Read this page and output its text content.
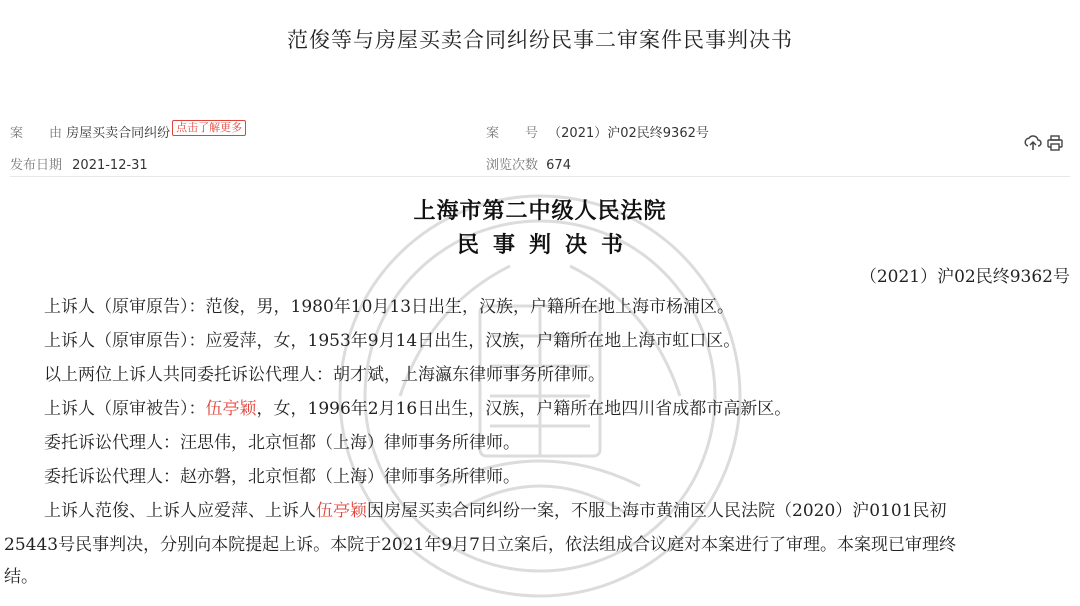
范俊等与房屋买卖合同纠纷民事二审案件民事判决书
案　　由 房屋买卖合同纠纷 点击了解更多	案　　号 （2021）沪02民终9362号
发布日期 2021-12-31	浏览次数 674
上海市第二中级人民法院
民事判决书
（2021）沪02民终9362号
上诉人（原审原告）：范俊，男，1980年10月13日出生，汉族，户籍所在地上海市杨浦区。
上诉人（原审原告）：应爱萍，女，1953年9月14日出生，汉族，户籍所在地上海市虹口区。
以上两位上诉人共同委托诉讼代理人：胡才斌，上海瀛东律师事务所律师。
上诉人（原审被告）：伍亭颖，女，1996年2月16日出生，汉族，户籍所在地四川省成都市高新区。
委托诉讼代理人：汪思伟，北京恒都（上海）律师事务所律师。
委托诉讼代理人：赵亦磐，北京恒都（上海）律师事务所律师。
上诉人范俊、上诉人应爱萍、上诉人伍亭颖因房屋买卖合同纠纷一案，不服上海市黄浦区人民法院（2020）沪0101民初
25443号民事判决，分别向本院提起上诉。本院于2021年9月7日立案后，依法组成合议庭对本案进行了审理。本案现已审理终
结。
